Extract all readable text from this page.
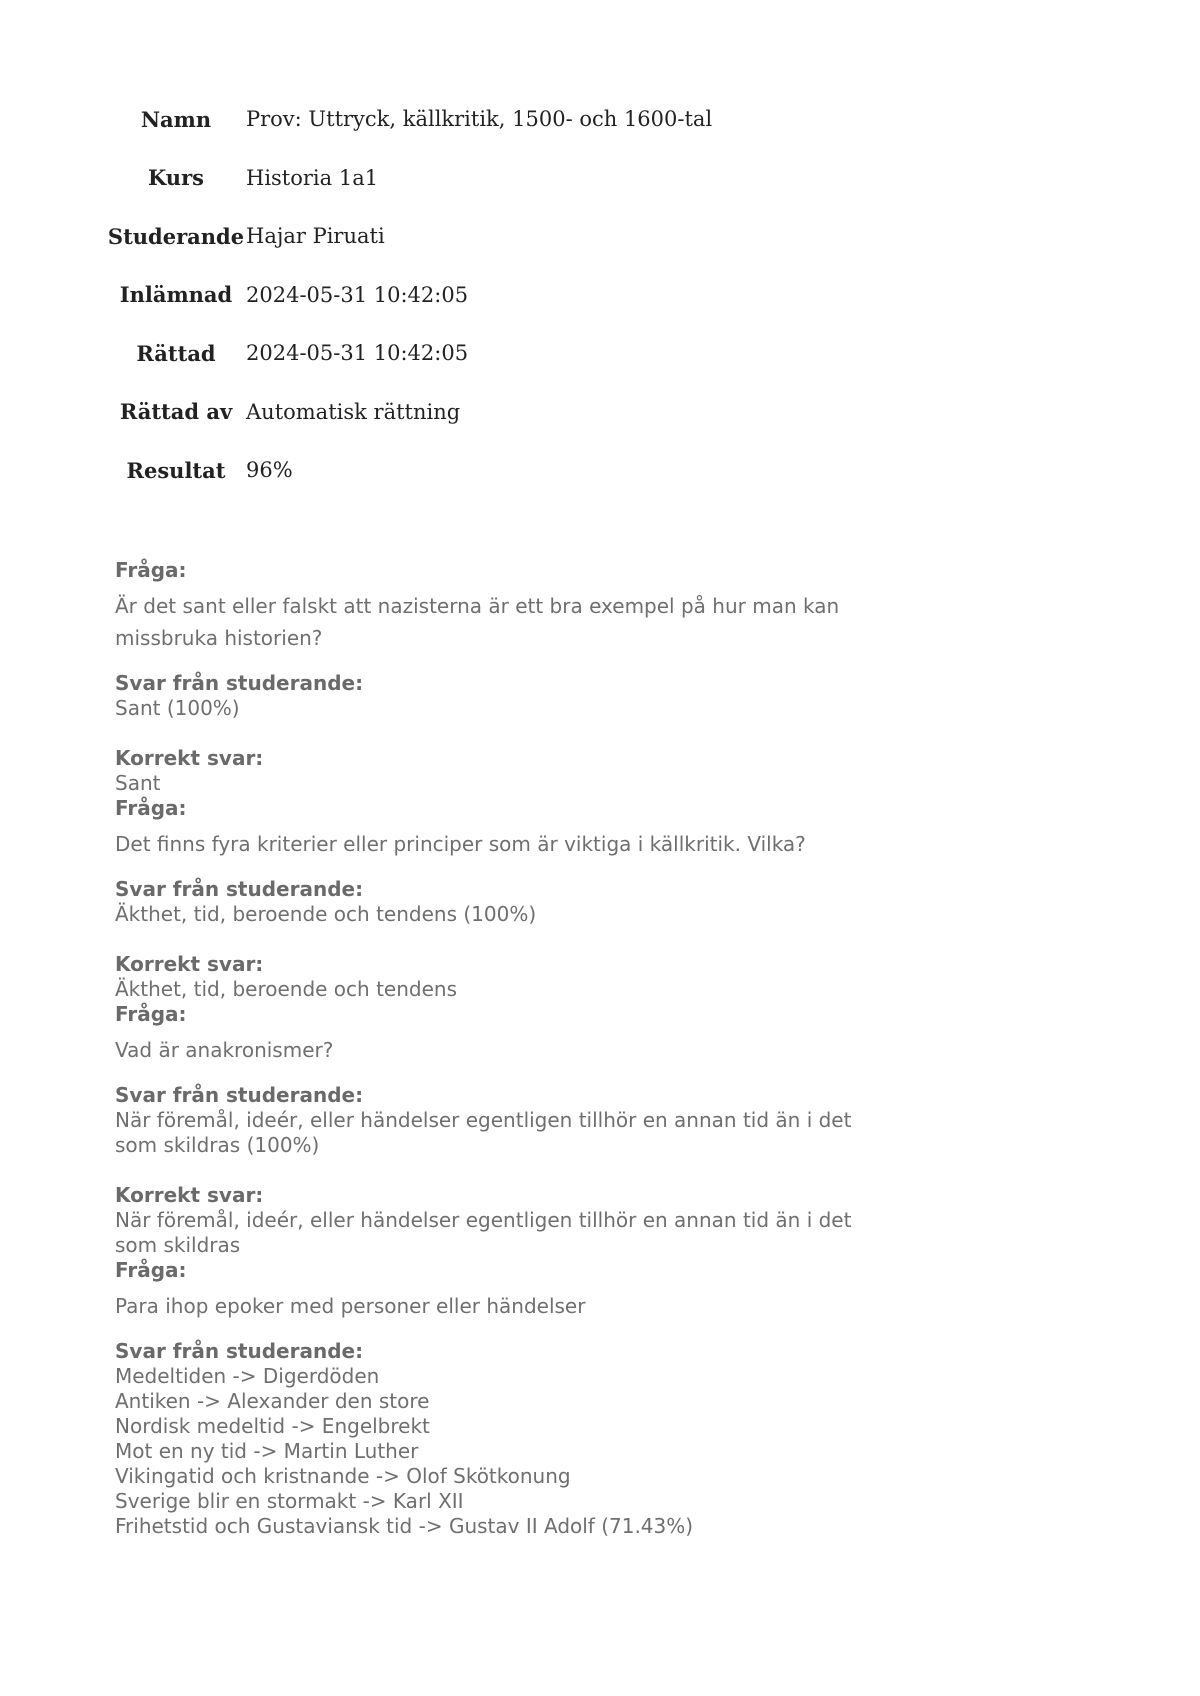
Namn	Prov: Uttryck, källkritik, 1500- och 1600-tal
Kurs	Historia 1a1
Studerande Hajar Piruati
Inlämnad 2024-05-31 10:42:05
Rättad	2024-05-31 10:42:05
Rättad av Automatisk rättning
Resultat 96%
Fråga:
Är det sant eller falskt att nazisterna är ett bra exempel på hur man kan missbruka historien?
Svar från studerande:
Sant (100%)
Korrekt svar:
Sant
Fråga:
Det finns fyra kriterier eller principer som är viktiga i källkritik. Vilka?
Svar från studerande:
Äkthet, tid, beroende och tendens (100%)
Korrekt svar:
Äkthet, tid, beroende och tendens
Fråga:
Vad är anakronismer?
Svar från studerande:
När föremål, ideér, eller händelser egentligen tillhör en annan tid än i det
som skildras (100%)
Korrekt svar:
När föremål, ideér, eller händelser egentligen tillhör en annan tid än i det
som skildras
Fråga:
Para ihop epoker med personer eller händelser
Svar från studerande:
Medeltiden -> Digerdöden
Antiken -> Alexander den store
Nordisk medeltid -> Engelbrekt
Mot en ny tid -> Martin Luther
Vikingatid och kristnande -> Olof Skötkonung
Sverige blir en stormakt -> Karl XII
Frihetstid och Gustaviansk tid -> Gustav II Adolf (71.43%)
